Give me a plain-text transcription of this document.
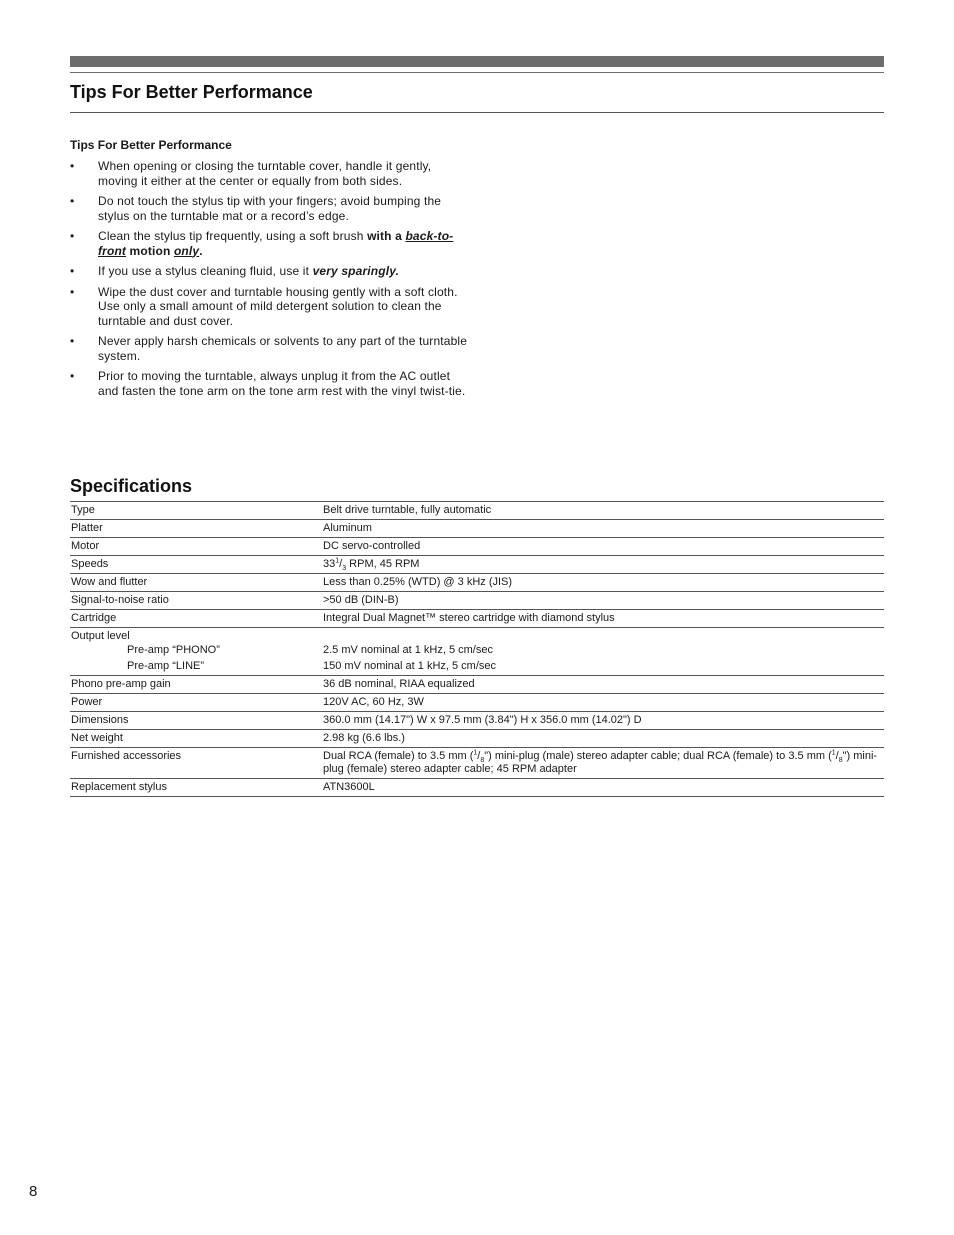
Tips For Better Performance
Tips For Better Performance
• When opening or closing the turntable cover, handle it gently, moving it either at the center or equally from both sides.
• Do not touch the stylus tip with your fingers; avoid bumping the stylus on the turntable mat or a record’s edge.
• Clean the stylus tip frequently, using a soft brush with a back-to-front motion only.
• If you use a stylus cleaning fluid, use it very sparingly.
• Wipe the dust cover and turntable housing gently with a soft cloth. Use only a small amount of mild detergent solution to clean the turntable and dust cover.
• Never apply harsh chemicals or solvents to any part of the turntable system.
• Prior to moving the turntable, always unplug it from the AC outlet and fasten the tone arm on the tone arm rest with the vinyl twist-tie.
Specifications
Type	Belt drive turntable, fully automatic
Platter	Aluminum
Motor	DC servo-controlled
Speeds	$33^1/_3$ RPM, 45 RPM
Wow and flutter	Less than 0.25% (WTD) @ 3 kHz (JIS)
Signal-to-noise ratio	>50 dB (DIN-B)
Cartridge	Integral Dual Magnet™ stereo cartridge with diamond stylus
Output level
Pre-amp “PHONO”	2.5 mV nominal at 1 kHz, 5 cm/sec
Pre-amp “LINE”	150 mV nominal at 1 kHz, 5 cm/sec
Phono pre-amp gain	36 dB nominal, RIAA equalized
Power	120V AC, 60 Hz, 3W
Dimensions	360.0 mm (14.17") W x 97.5 mm (3.84") H x 356.0 mm (14.02") D
Net weight	2.98 kg (6.6 lbs.)
Furnished accessories	Dual RCA (female) to 3.5 mm $(^1/_8")$ mini-plug (male) stereo adapter cable; dual RCA (female) to 3.5 mm $(^1/_8")$ mini-plug (female) stereo adapter cable; 45 RPM adapter
Replacement stylus	ATN3600L
8
